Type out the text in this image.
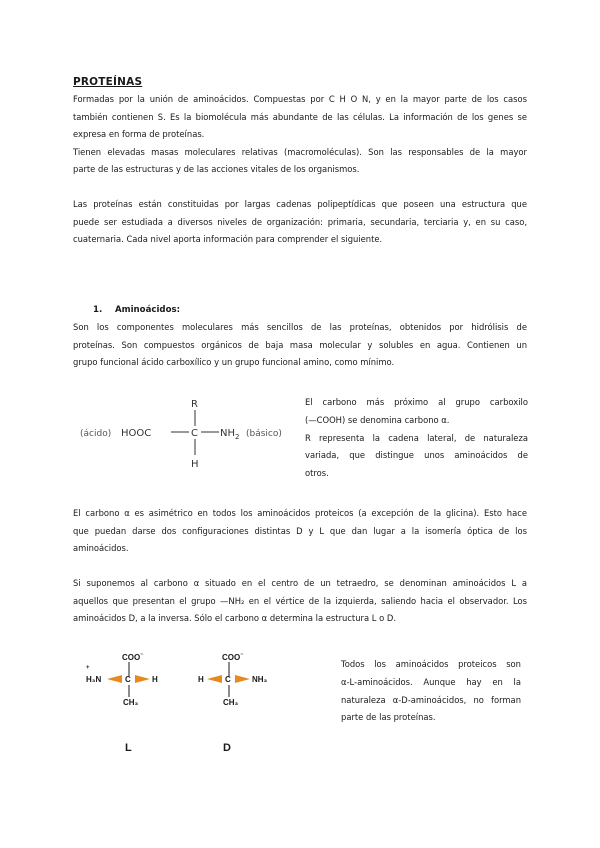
PROTEÍNAS
Formadas por la unión de aminoácidos. Compuestas por C H O N, y en la mayor parte de los casos
también contienen S. Es la biomolécula más abundante de las células. La información de los genes se
expresa en forma de proteínas.
Tienen elevadas masas moleculares relativas (macromoléculas). Son las responsables de la mayor
parte de las estructuras y de las acciones vitales de los organismos.
Las proteínas están constituidas por largas cadenas polipeptídicas que poseen una estructura que
puede ser estudiada a diversos niveles de organización: primaria, secundaria, terciaria y, en su caso,
cuaternaria. Cada nivel aporta información para comprender el siguiente.
1. Aminoácidos:
Son los componentes moleculares más sencillos de las proteínas, obtenidos por hidrólisis de
proteínas. Son compuestos orgánicos de baja masa molecular y solubles en agua. Contienen un
grupo funcional ácido carboxílico y un grupo funcional amino, como mínimo.
R
(ácido) HOOC	C $NH_2$ (básico)
H
El carbono más próximo al grupo carboxilo
(—COOH) se denomina carbono α.
R representa la cadena lateral, de naturaleza
variada, que distingue unos aminoácidos de
otros.
El carbono α es asimétrico en todos los aminoácidos proteicos (a excepción de la glicina). Esto hace
que puedan darse dos configuraciones distintas D y L que dan lugar a la isomería óptica de los
aminoácidos.
Si suponemos al carbono α situado en el centro de un tetraedro, se denominan aminoácidos L a
aquellos que presentan el grupo —NH₂ en el vértice de la izquierda, saliendo hacia el observador. Los
aminoácidos D, a la inversa. Sólo el carbono α determina la estructura L o D.
COO⁻
+
H₃N	C	H
CH₃
L
COO⁻
H	C	NH₃
CH₃
D
Todos los aminoácidos proteicos son
α-L-aminoácidos. Aunque hay en la
naturaleza α-D-aminoácidos, no forman
parte de las proteínas.
